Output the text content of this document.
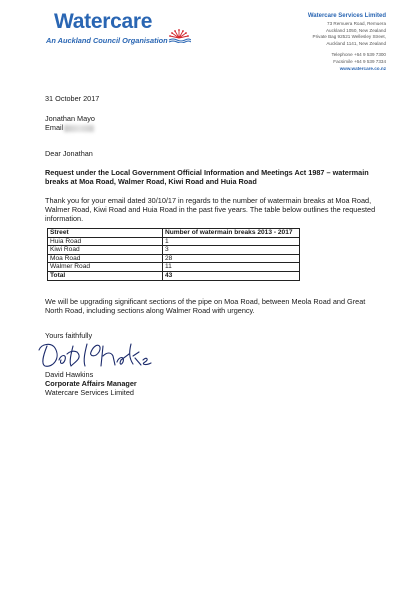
Watercare
An Auckland Council Organisation
Watercare Services Limited
73 Remuera Road, Remuera
Auckland 1050, New Zealand
Private Bag 92521 Wellesley Street,
Auckland 1141, New Zealand
Telephone +64 9 539 7300
Facsimile +64 9 539 7334
www.watercare.co.nz
31 October 2017
Jonathan Mayo
Email
Dear Jonathan
Request under the Local Government Official Information and Meetings Act 1987 – watermain breaks at Moa Road, Walmer Road, Kiwi Road and Huia Road
Thank you for your email dated 30/10/17 in regards to the number of watermain breaks at Moa Road, Walmer Road, Kiwi Road and Huia Road in the past five years. The table below outlines the requested information.
Street	Number of watermain breaks 2013 - 2017
Huia Road	1
Kiwi Road	3
Moa Road	28
Walmer Road	11
Total	43
We will be upgrading significant sections of the pipe on Moa Road, between Meola Road and Great North Road, including sections along Walmer Road with urgency.
Yours faithfully
David Hawkins
Corporate Affairs Manager
Watercare Services Limited
